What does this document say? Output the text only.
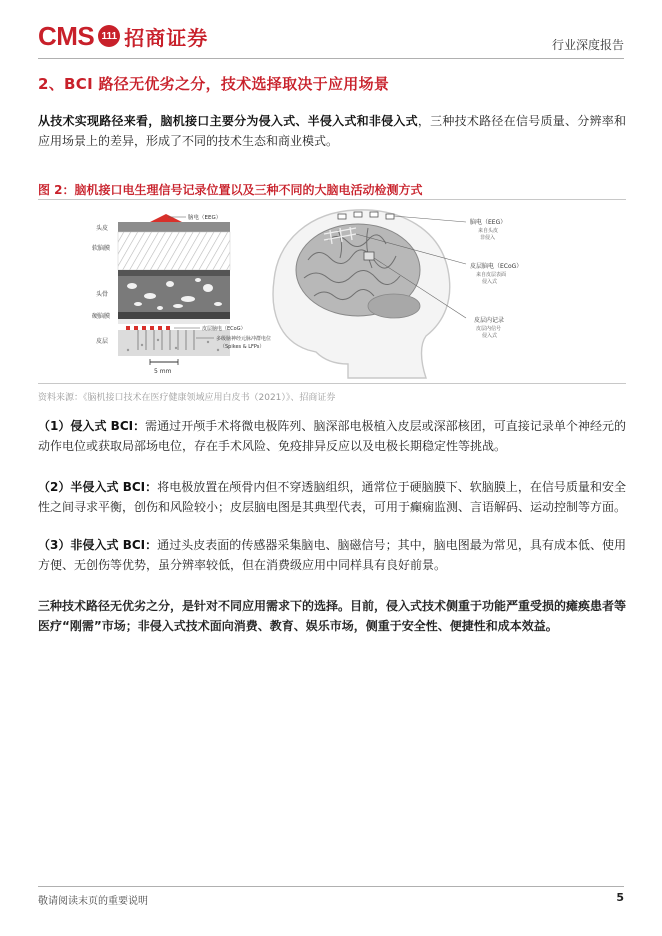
CMS 111 招商证券	行业深度报告
2、BCI 路径无优劣之分，技术选择取决于应用场景

从技术实现路径来看，脑机接口主要分为侵入式、半侵入式和非侵入式，三种技术路径在信号质量、分辨率和应用场景上的差异，形成了不同的技术生态和商业模式。

图 2：脑机接口电生理信号记录位置以及三种不同的大脑电活动检测方式
头皮
软脑膜
头骨
硬脑膜
皮层
脑电（EEG）
皮层脑电（ECoG）
多级脑神经元脉冲群电位
（Spikes & LFPs）
5 mm
脑电（EEG）
来自头皮
非侵入
皮层脑电（ECoG）
来自皮层表面
侵入式
皮层内记录
皮层内信号
侵入式
资料来源：《脑机接口技术在医疗健康领域应用白皮书（2021）》、招商证券

（1）侵入式 BCI：需通过开颅手术将微电极阵列、脑深部电极植入皮层或深部核团，可直接记录单个神经元的动作电位或获取局部场电位，存在手术风险、免疫排异反应以及电极长期稳定性等挑战。

（2）半侵入式 BCI：将电极放置在颅骨内但不穿透脑组织，通常位于硬脑膜下、软脑膜上，在信号质量和安全性之间寻求平衡，创伤和风险较小；皮层脑电图是其典型代表，可用于癫痫监测、言语解码、运动控制等方面。

（3）非侵入式 BCI：通过头皮表面的传感器采集脑电、脑磁信号；其中，脑电图最为常见，具有成本低、使用方便、无创伤等优势，虽分辨率较低，但在消费级应用中同样具有良好前景。

三种技术路径无优劣之分，是针对不同应用需求下的选择。目前，侵入式技术侧重于功能严重受损的瘫痪患者等医疗“刚需”市场；非侵入式技术面向消费、教育、娱乐市场，侧重于安全性、便捷性和成本效益。

敬请阅读末页的重要说明	5
